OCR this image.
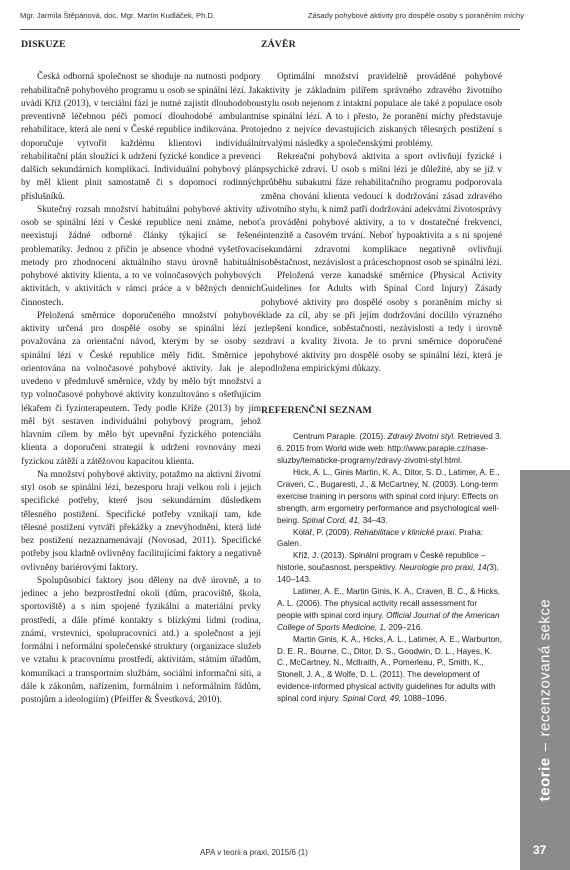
Mgr. Jarmila Štěpánová, doc. Mgr. Martin Kudláček, Ph.D.	Zásady pohybové aktivity pro dospělé osoby s poraněním míchy
DISKUZE

Česká odborná společnost se shoduje na nutnosti podpory rehabilitačně pohybového programu u osob se spinální lézí. Jak uvádí Kříž (2013), v terciální fázi je nutné zajistit dlouhodobou preventivně léčebnou péči pomocí dlouhodobé ambulantní rehabilitace, která ale není v České republice indikována. Proto doporučuje vytvořit každému klientovi individuální rehabilitační plán sloužící k udržení fyzické kondice a prevenci dalších sekundárních komplikací. Individuální pohybový plán by měl klient plnit samostatně či s dopomocí rodinných příslušníků.

Skutečný rozsah množství habituální pohybové aktivity u osob se spinální lézí v České republice není známe, neboť neexistují žádné odborné články týkající se řešené problematiky. Jednou z příčin je absence vhodné vyšetřovací metody pro zhodnocení aktuálního stavu úrovně habituální pohybové aktivity klienta, a to ve volnočasových pohybových aktivitách, v aktivitách v rámci práce a v běžných denních činnostech.

Přeložená směrnice doporučeného množství pohybové aktivity určená pro dospělé osoby se spinální lézí je považována za orientační návod, kterým by se osoby se spinální lézí v České republice měly řídit. Směrnice je orientována na volnočasové pohybové aktivity. Jak je ale uvedeno v předmluvě směrnice, vždy by mělo být množství a typ volnočasové pohybové aktivity konzultováno s ošetřujícím lékařem či fyzioterapeutem. Tedy podle Kříže (2013) by jím měl být sestaven individuální pohybový program, jehož hlavním cílem by mělo být upevnění fyzického potenciálu klienta a doporučení strategií k udržení rovnovány mezi fyzickou zátěží a zátěžovou kapacitou klienta.

Na množství pohybové aktivity, potažmo na aktivní životní styl osob se spinální lézí, bezesporu hrají velkou roli i jejich specifické potřeby, které jsou sekundárním důsledkem tělesného postižení. Specifické potřeby vznikají tam, kde tělesné postižení vytváří překážky a znevýhodnění, která lidé bez postižení nezaznamenávají (Novosad, 2011). Specifické potřeby jsou kladně ovlivněny facilitujícími faktory a negativně ovlivněny bariérovými faktory.

Spolupůsobící faktory jsou děleny na dvě úrovně, a to jedinec a jeho bezprostřední okolí (dům, pracoviště, škola, sportoviště) a s ním spojené fyzikální a materiální prvky prostředí, a dále přímé kontakty s blízkými lidmi (rodina, známí, vrstevníci, spolupracovníci atd.) a společnost a její formální i neformální společenské struktury (organizace služeb ve vztahu k pracovnímu prostředí, aktivitám, státním úřadům, komunikaci a transportním službám, sociální informační síti, a dále k zákonům, nařízením, formálním i neformálním řádům, postojům a ideologiím) (Pfeiffer & Švestková, 2010).

ZÁVĚR

Optimální množství pravidelně prováděné pohybové aktivity je základním pilířem správného zdravého životního stylu osob nejenom z intaktní populace ale také z populace osob se spinální lézí. A to i přesto, že poranění míchy představuje jedno z nejvíce devastujících získaných tělesných postižení s trvalými následky a společenskými problémy.

Rekreační pohybová aktivita a sport ovlivňují fyzické i psychické zdraví. U osob s míšní lézí je důležité, aby se již v průběhu subakutní fáze rehabilitačního programu podporovala změna chování klienta vedoucí k dodržování zásad zdravého životního stylu, k nimž patří dodržování adekvátní životosprávy a provádění pohybové aktivity, a to v dostatečné frekvenci, intenzitě a časovém trvání. Neboť hypoaktivita a s ní spojené sekundární zdravotní komplikace negativně ovlivňují soběstačnost, nezávislost a práceschopnost osob se spinální lézí.

Přeložená verze kanadské směrnice (Physical Activity Guidelines for Adults with Spinal Cord Injury) Zásady pohybové aktivity pro dospělé osoby s poraněním míchy si klade za cíl, aby se při jejím dodržování docílilo výrazného zlepšení kondice, soběstačnosti, nezávislosti a tedy i úrovně zdraví a kvality života. Je to první směrnice doporučené pohybové aktivity pro dospělé osoby se spinální lézí, která je podložena empirickými důkazy.

REFERENČNÍ SEZNAM

Centrum Paraple. (2015). Zdravý životní styl. Retrieved 3. 6. 2015 from World wide web: http://www.paraple.cz/nase-sluzby/tematicke-programy/zdravy-zivotni-styl.html.

Hick, A. L., Ginis Martin, K. A., Ditor, S. D., Latimer, A. E., Craven, C., Bugaresti, J., & McCartney, N. (2003). Long-term exercise training in persons with spinal cord injury: Effects on strength, arm ergometry performance and psychological well-being. Spinal Cord, 41, 34–43.

Kolář, P. (2009). Rehabilitace v klinické praxi. Praha: Galen.

Kříž, J. (2013). Spinální program v České republice – historie, současnost, perspektivy. Neurologie pro praxi, 14(3), 140–143.

Latimer, A. E., Martin Ginis, K. A., Craven, B. C., & Hicks, A. L. (2006). The physical activity recall assessment for people with spinal cord injury. Official Journal of the American College of Sports Medicine, 1, 209–216.

Martin Ginis, K. A., Hicks, A. L., Latimer, A. E., Warburton, D. E. R., Bourne, C., Ditor, D. S., Goodwin, D. L., Hayes, K. C., McCartney, N., Mcllraith, A., Pomerleau, P., Smith, K., Stonell, J. A., & Wolfe, D. L. (2011). The development of evidence-informed physical activity guidelines for adults with spinal cord injury. Spinal Cord, 49, 1088–1096.

teorie–recenzovaná sekce
APA v teorii a praxi, 2015/6 (1)	37
